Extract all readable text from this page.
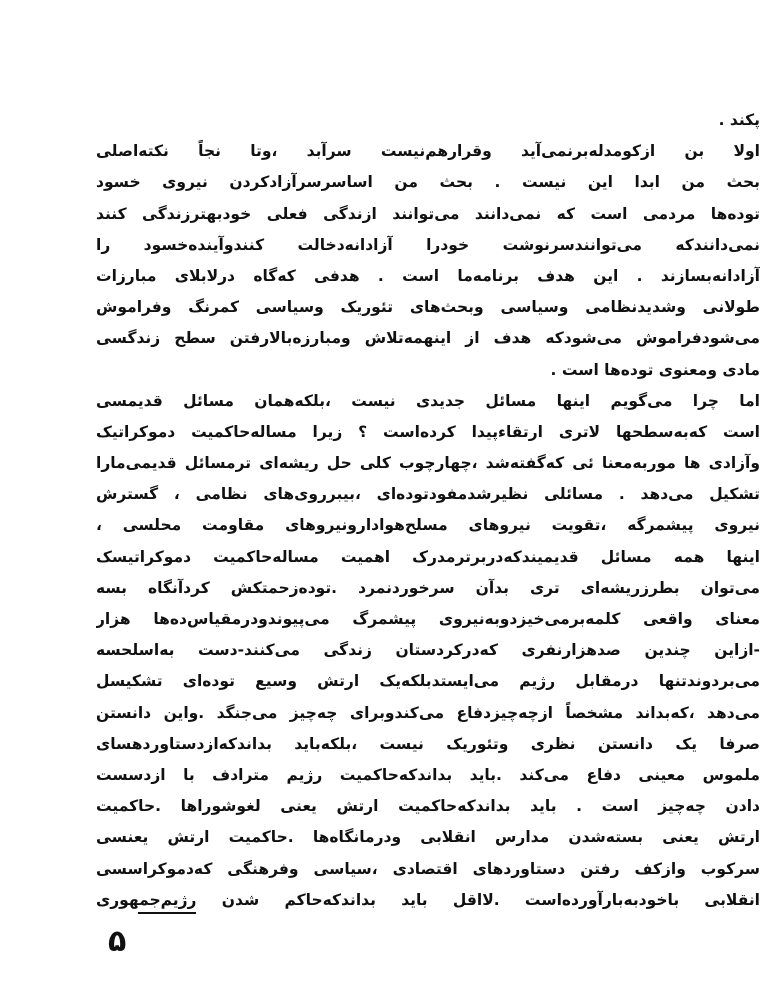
پکند .
اولا بن ازکومدله‌برنمی‌آید وقرارهم‌نیست سرآبد ،وتا نجاً نکته‌اصلی
بحث من ابدا این نیست . بحث من اساسرسرآزادکردن نیروی خسود
توده‌ها مردمی است که نمی‌دانند می‌توانند ازندگی فعلی خودبهترزندگی کنند
نمی‌دانندکه می‌توانندسرنوشت خودرا آزادانه‌دخالت کنندوآینده‌خسود را
آزادانه‌بسازند . این هدف برنامه‌ما است . هدفی که‌گاه درلابلای مبارزات
طولانی وشدیدنظامی وسیاسی وبحث‌های تئوریک وسیاسی کمرنگ وفراموش
می‌شودفراموش می‌شودکه هدف از اینهمه‌تلاش ومبارزه‌بالارفتن سطح زندگسی
مادی ومعنوی توده‌ها است .
اما چرا می‌گویم اینها مسائل جدیدی نیست ،بلکه‌همان مسائل قدیمسی
است که‌به‌سطحها لاتری ارتقاءپیدا کرده‌است ؟ زیرا مساله‌حاکمیت دموکراتیک
وآزادی ها موربه‌معنا ئی که‌گفته‌شد ،چهارچوب کلی حل ریشه‌ای ترمسائل قدیمی‌مارا
تشکیل می‌دهد . مسائلی نظیرشدمفودتوده‌ای ،بیبرروی‌های نظامی ، گسترش
نیروی پیشمرگه ،تقویت نیروهای مسلح‌هوادارونیروهای مقاومت محلسی ،
اینها همه مسائل قدیمیندکه‌دربرترمدرک اهمیت مساله‌حاکمیت دموکراتیسک
می‌توان بطرزریشه‌ای تری بدآن سرخوردنمرد .توده‌زحمتکش کردآنگاه بسه
معنای واقعی کلمه‌برمی‌خیزدوبه‌نیروی پیشمرگ می‌پیوندودرمقیاس‌ده‌ها هزار
-ازاین چندین صدهزارنفری که‌درکردستان زندگی می‌کنند-دست به‌اسلحسه
می‌بردوندتنها درمقابل رژیم می‌ایستدبلکه‌یک ارتش وسیع توده‌ای تشکیسل
می‌دهد ،که‌بداند مشخصاً ازچه‌چیزدفاع می‌کندوبرای چه‌چیز می‌جنگد .واین دانستن
صرفا یک دانستن نظری وتئوریک نیست ،بلکه‌باید بداندکه‌ازدستاوردهسای
ملموس معینی دفاع می‌کند .باید بداندکه‌حاکمیت رژیم مترادف با ازدسست
دادن چه‌چیز است . باید بداندکه‌حاکمیت ارتش یعنی لغوشوراها .حاکمیت
ارتش یعنی بسته‌شدن مدارس انقلابی ودرمانگاه‌ها .حاکمیت ارتش یعنسی
سرکوب وازکف رفتن دستاوردهای اقتصادی ،سیاسی وفرهنگی که‌دموکراسسی
انقلابی باخودبه‌بارآورده‌است .لااقل باید بداندکه‌حاکم شدن رژیم‌جمهوری
۵
